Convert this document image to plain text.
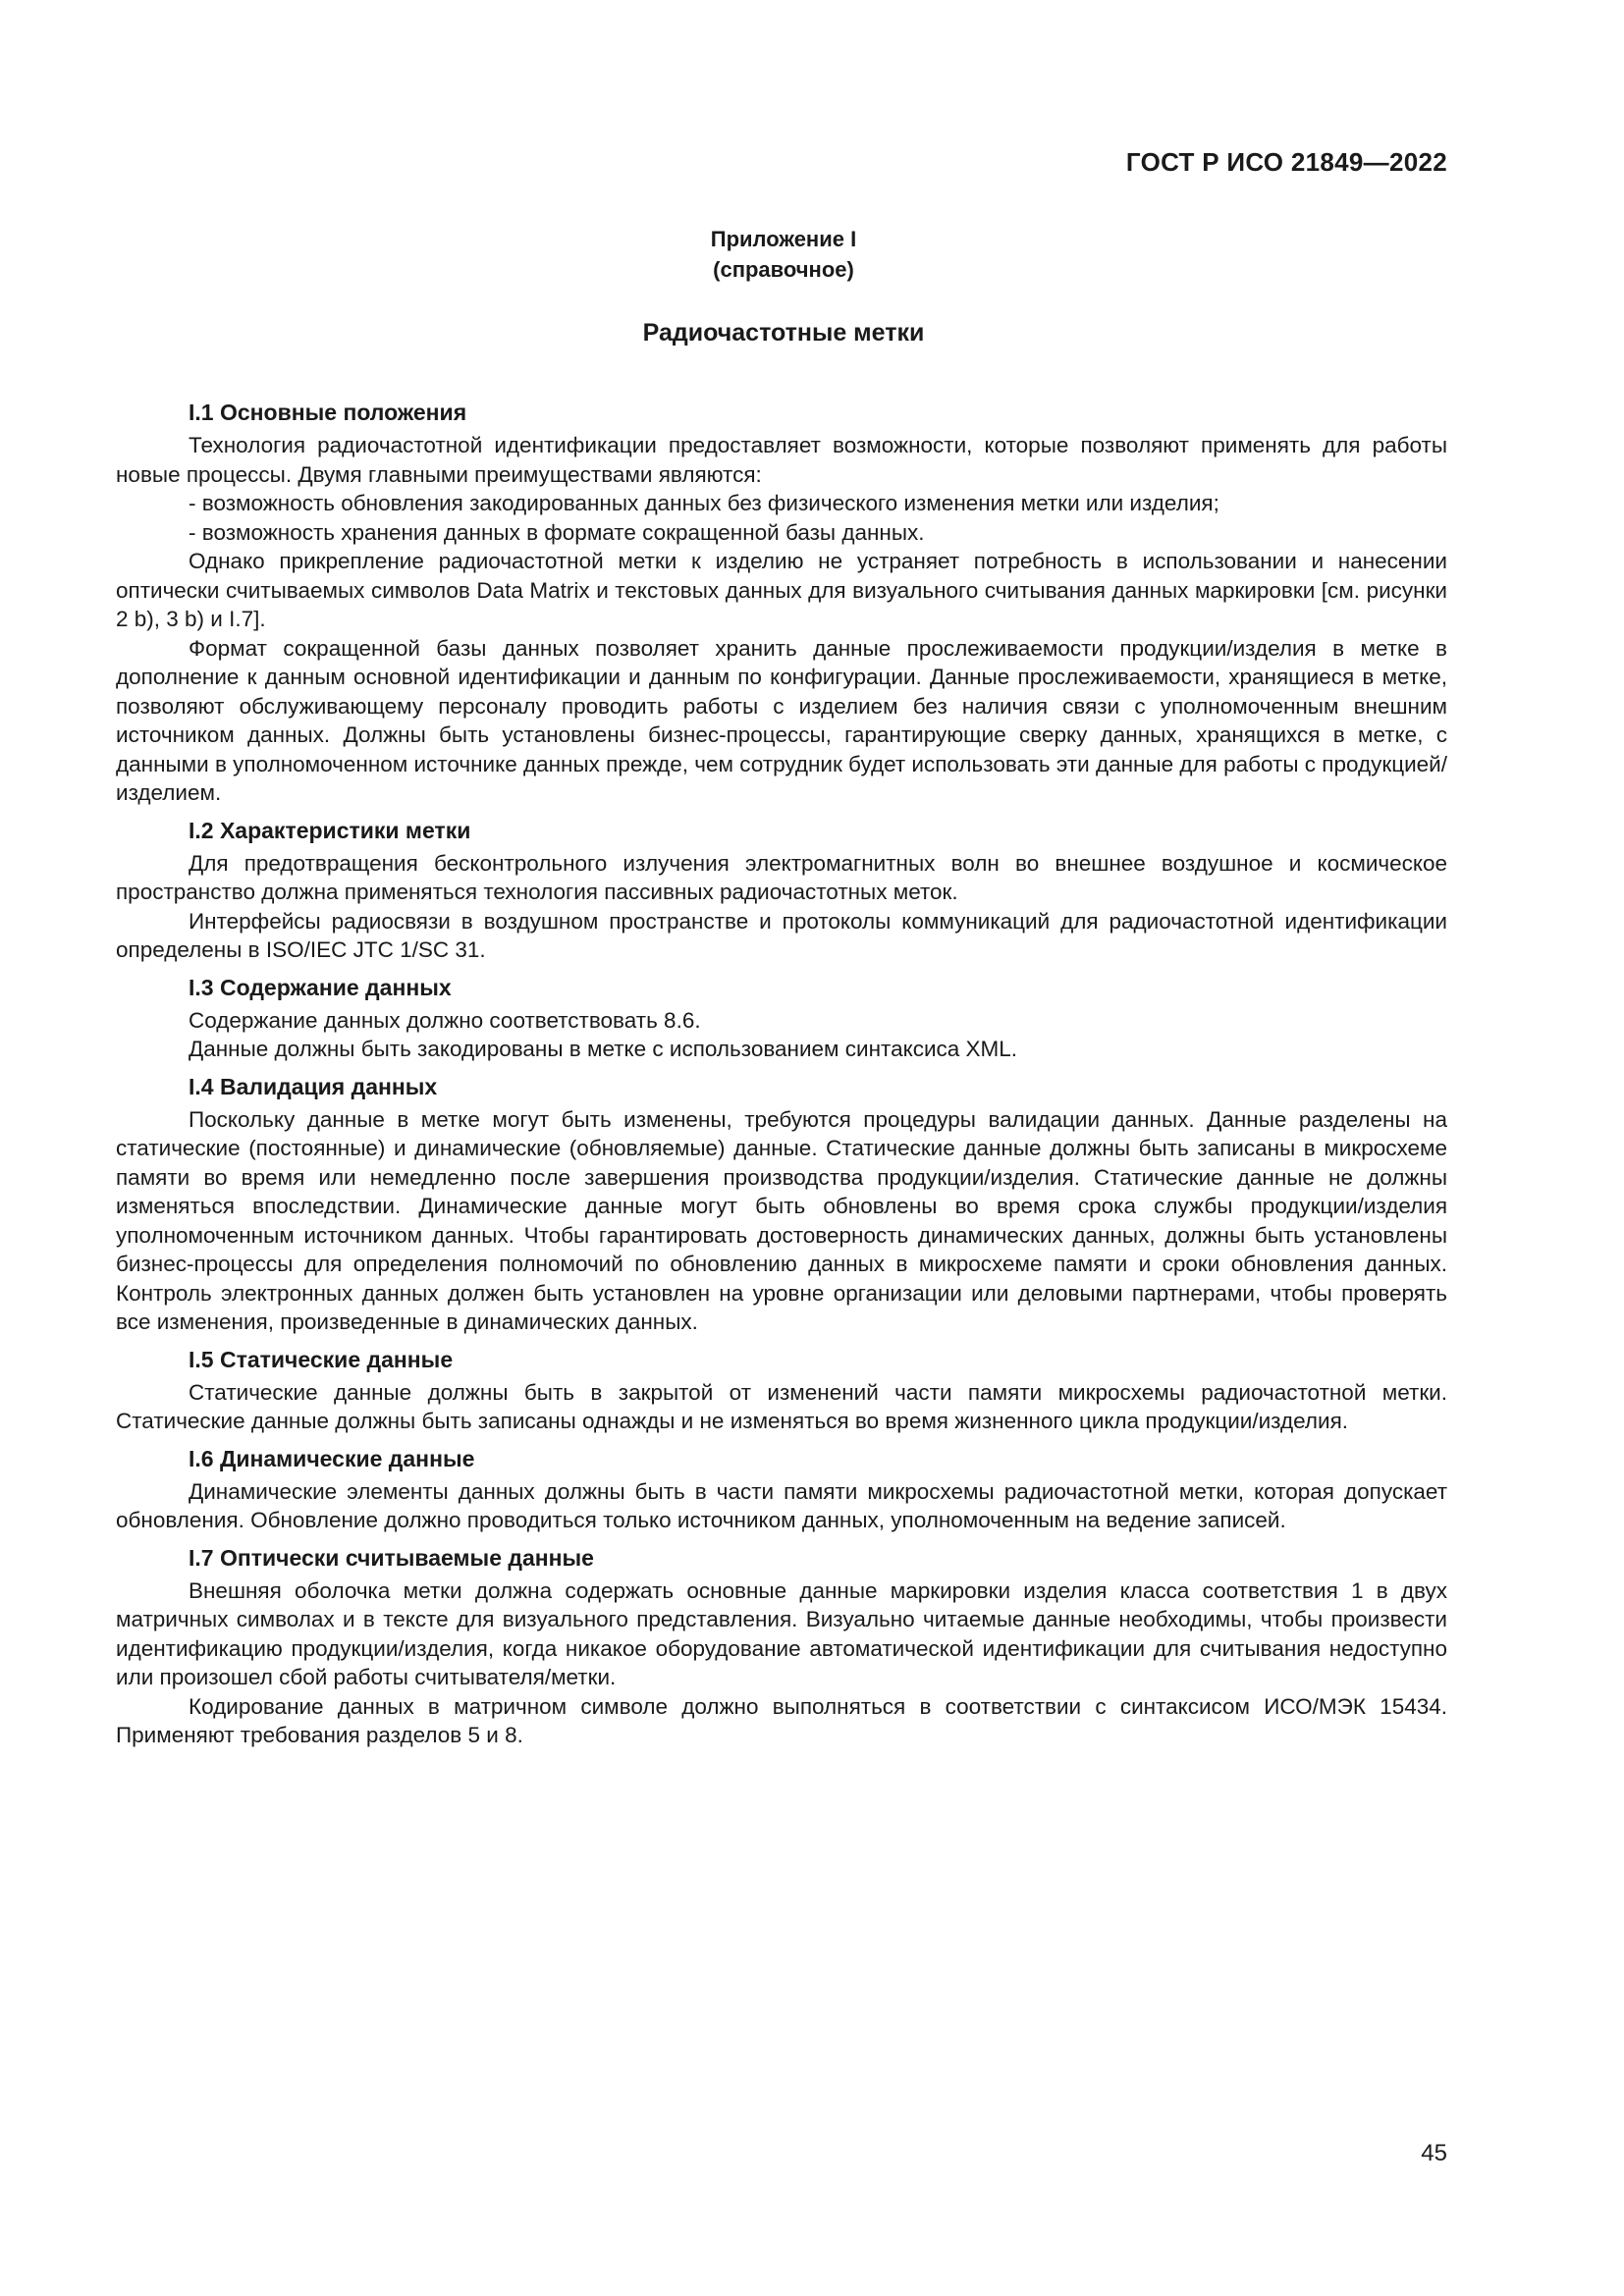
ГОСТ Р ИСО 21849—2022
Приложение I
(справочное)
Радиочастотные метки
I.1 Основные положения

Технология радиочастотной идентификации предоставляет возможности, которые позволяют применять для работы новые процессы. Двумя главными преимуществами являются:

- возможность обновления закодированных данных без физического изменения метки или изделия;

- возможность хранения данных в формате сокращенной базы данных.

Однако прикрепление радиочастотной метки к изделию не устраняет потребность в использовании и нанесении оптически считываемых символов Data Matrix и текстовых данных для визуального считывания данных маркировки [см. рисунки 2 b), 3 b) и I.7].

Формат сокращенной базы данных позволяет хранить данные прослеживаемости продукции/изделия в метке в дополнение к данным основной идентификации и данным по конфигурации. Данные прослеживаемости, хранящиеся в метке, позволяют обслуживающему персоналу проводить работы с изделием без наличия связи с уполномоченным внешним источником данных. Должны быть установлены бизнес-процессы, гарантирующие сверку данных, хранящихся в метке, с данными в уполномоченном источнике данных прежде, чем сотрудник будет использовать эти данные для работы с продукцией/изделием.

I.2 Характеристики метки

Для предотвращения бесконтрольного излучения электромагнитных волн во внешнее воздушное и космическое пространство должна применяться технология пассивных радиочастотных меток.

Интерфейсы радиосвязи в воздушном пространстве и протоколы коммуникаций для радиочастотной идентификации определены в ISO/IEC JTC 1/SC 31.

I.3 Содержание данных

Содержание данных должно соответствовать 8.6.

Данные должны быть закодированы в метке с использованием синтаксиса XML.

I.4 Валидация данных

Поскольку данные в метке могут быть изменены, требуются процедуры валидации данных. Данные разделены на статические (постоянные) и динамические (обновляемые) данные. Статические данные должны быть записаны в микросхеме памяти во время или немедленно после завершения производства продукции/изделия. Статические данные не должны изменяться впоследствии. Динамические данные могут быть обновлены во время срока службы продукции/изделия уполномоченным источником данных. Чтобы гарантировать достоверность динамических данных, должны быть установлены бизнес-процессы для определения полномочий по обновлению данных в микросхеме памяти и сроки обновления данных. Контроль электронных данных должен быть установлен на уровне организации или деловыми партнерами, чтобы проверять все изменения, произведенные в динамических данных.

I.5 Статические данные

Статические данные должны быть в закрытой от изменений части памяти микросхемы радиочастотной метки. Статические данные должны быть записаны однажды и не изменяться во время жизненного цикла продукции/изделия.

I.6 Динамические данные

Динамические элементы данных должны быть в части памяти микросхемы радиочастотной метки, которая допускает обновления. Обновление должно проводиться только источником данных, уполномоченным на ведение записей.

I.7 Оптически считываемые данные

Внешняя оболочка метки должна содержать основные данные маркировки изделия класса соответствия 1 в двух матричных символах и в тексте для визуального представления. Визуально читаемые данные необходимы, чтобы произвести идентификацию продукции/изделия, когда никакое оборудование автоматической идентификации для считывания недоступно или произошел сбой работы считывателя/метки.

Кодирование данных в матричном символе должно выполняться в соответствии с синтаксисом ИСО/МЭК 15434. Применяют требования разделов 5 и 8.

45
